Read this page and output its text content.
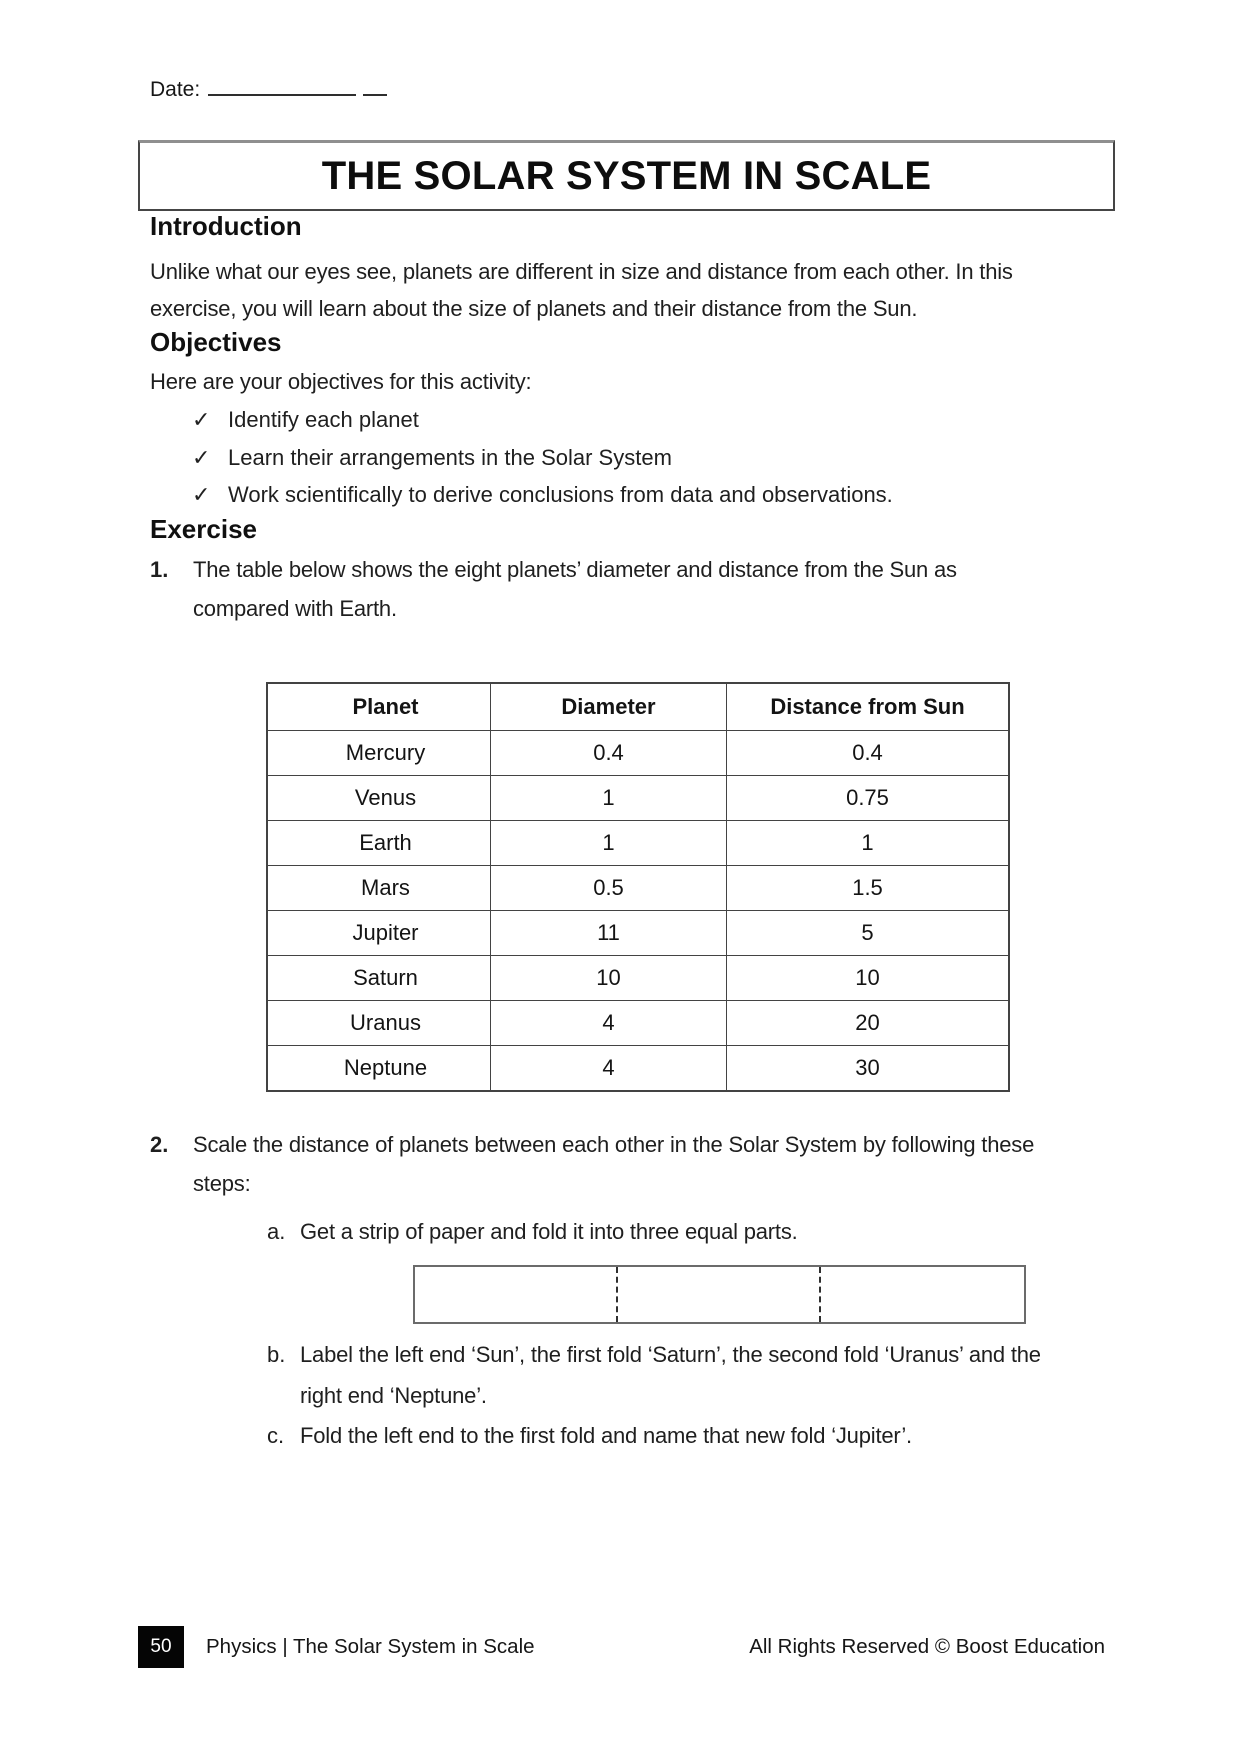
Date:
THE SOLAR SYSTEM IN SCALE
Introduction

Unlike what our eyes see, planets are different in size and distance from each other. In this exercise, you will learn about the size of planets and their distance from the Sun.

Objectives

Here are your objectives for this activity:

✓ Identify each planet
✓ Learn their arrangements in the Solar System
✓ Work scientifically to derive conclusions from data and observations.
Exercise
1.	The table below shows the eight planets’ diameter and distance from the Sun as compared with Earth.
Planet	Diameter	Distance from Sun
Mercury	0.4	0.4
Venus	1	0.75
Earth	1	1
Mars	0.5	1.5
Jupiter	11	5
Saturn	10	10
Uranus	4	20
Neptune	4	30
2.	Scale the distance of planets between each other in the Solar System by following these steps:
a. Get a strip of paper and fold it into three equal parts.
b. Label the left end ‘Sun’, the first fold ‘Saturn’, the second fold ‘Uranus’ and the right end ‘Neptune’.
c. Fold the left end to the first fold and name that new fold ‘Jupiter’.
50	Physics | The Solar System in Scale	All Rights Reserved © Boost Education
